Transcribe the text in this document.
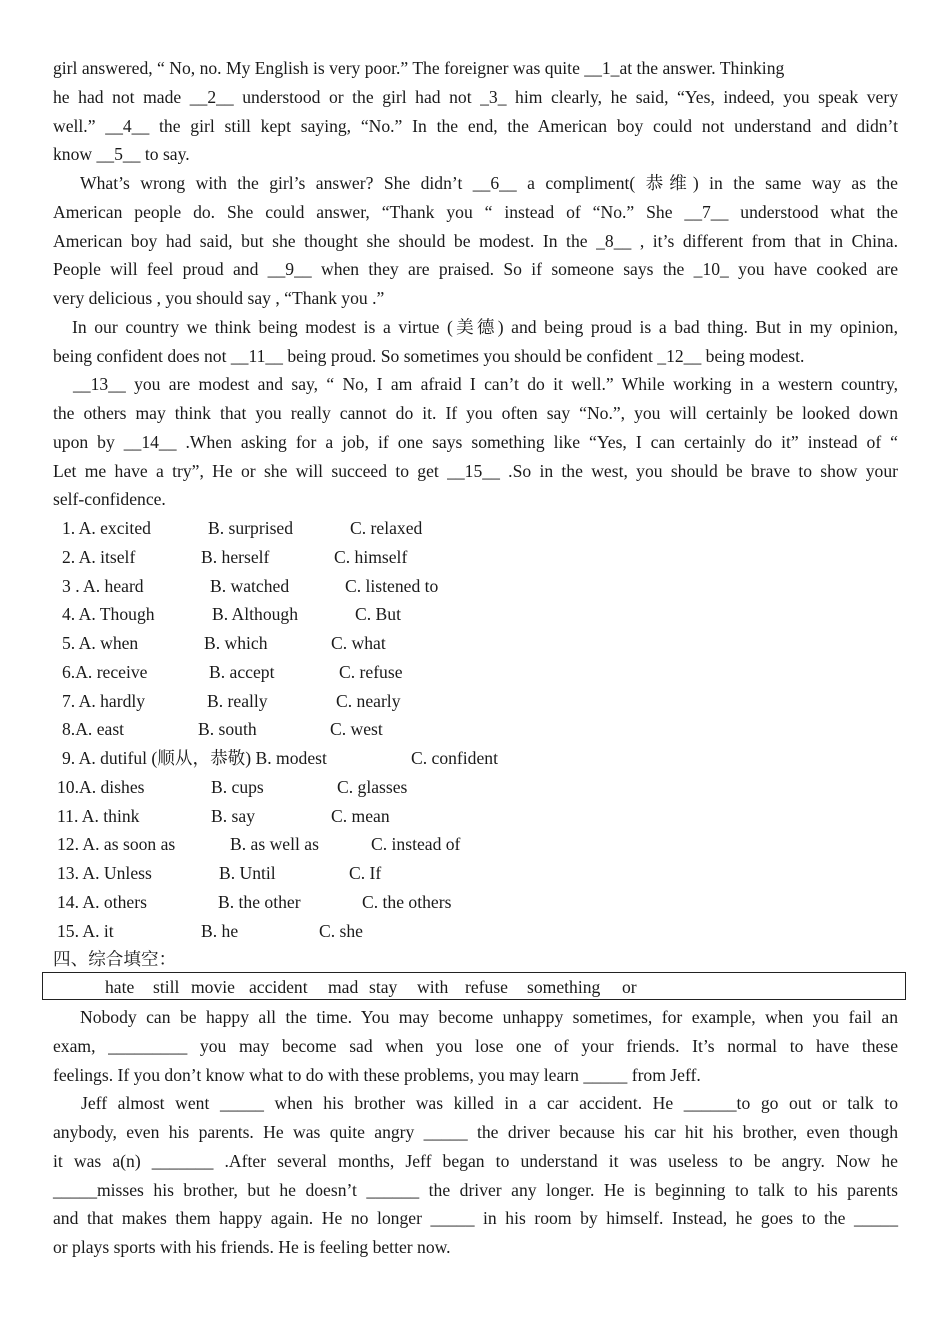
girl answered, “ No, no. My English is very poor.” The foreigner was quite __1_at the answer. Thinking
he had not made __2__ understood or the girl had not _3_ him clearly, he said, “Yes, indeed, you speak very
well.” __4__ the girl still kept saying, “No.” In the end, the American boy could not understand and didn’t
know __5__ to say.
What’s wrong with the girl’s answer? She didn’t __6__ a compliment( 恭维) in the same way as the
American people do. She could answer, “Thank you “ instead of “No.” She __7__ understood what the
American boy had said, but she thought she should be modest. In the _8__ , it’s different from that in China.
People will feel proud and __9__ when they are praised. So if someone says the _10_ you have cooked are
very delicious , you should say , “Thank you .”
In our country we think being modest is a virtue (美德) and being proud is a bad thing. But in my opinion,
being confident does not __11__ being proud. So sometimes you should be confident _12__ being modest.
__13__ you are modest and say, “ No, I am afraid I can’t do it well.” While working in a western country,
the others may think that you really cannot do it. If you often say “No.”, you will certainly be looked down
upon by __14__ .When asking for a job, if one says something like “Yes, I can certainly do it” instead of “
Let me have a try”, He or she will succeed to get __15__ .So in the west, you should be brave to show your
self-confidence.
1. A. excited	B. surprised	C. relaxed
2. A. itself	B. herself	C. himself
3 . A. heard	B. watched	C. listened to
4. A. Though	B. Although	C. But
5. A. when	B. which	C. what
6.A. receive	B. accept	C. refuse
7. A. hardly	B. really	C. nearly
8.A. east	B. south	C. west
9. A. dutiful (顺从，恭敬) B. modest	C. confident
10.A. dishes	B. cups	C. glasses
11. A. think	B. say	C. mean
12. A. as soon as	B. as well as	C. instead of
13. A. Unless	B. Until	C. If
14. A. others	B. the other	C. the others
15. A. it	B. he	C. she
四、综合填空：
hate still movie accident mad stay with refuse something or
Nobody can be happy all the time. You may become unhappy sometimes, for example, when you fail an
exam, _________ you may become sad when you lose one of your friends. It’s normal to have these
feelings. If you don’t know what to do with these problems, you may learn _____ from Jeff.
Jeff almost went _____ when his brother was killed in a car accident. He ______to go out or talk to
anybody, even his parents. He was quite angry _____ the driver because his car hit his brother, even though
it was a(n) _______ .After several months, Jeff began to understand it was useless to be angry. Now he
_____misses his brother, but he doesn’t ______ the driver any longer. He is beginning to talk to his parents
and that makes them happy again. He no longer _____ in his room by himself. Instead, he goes to the _____
or plays sports with his friends. He is feeling better now.
